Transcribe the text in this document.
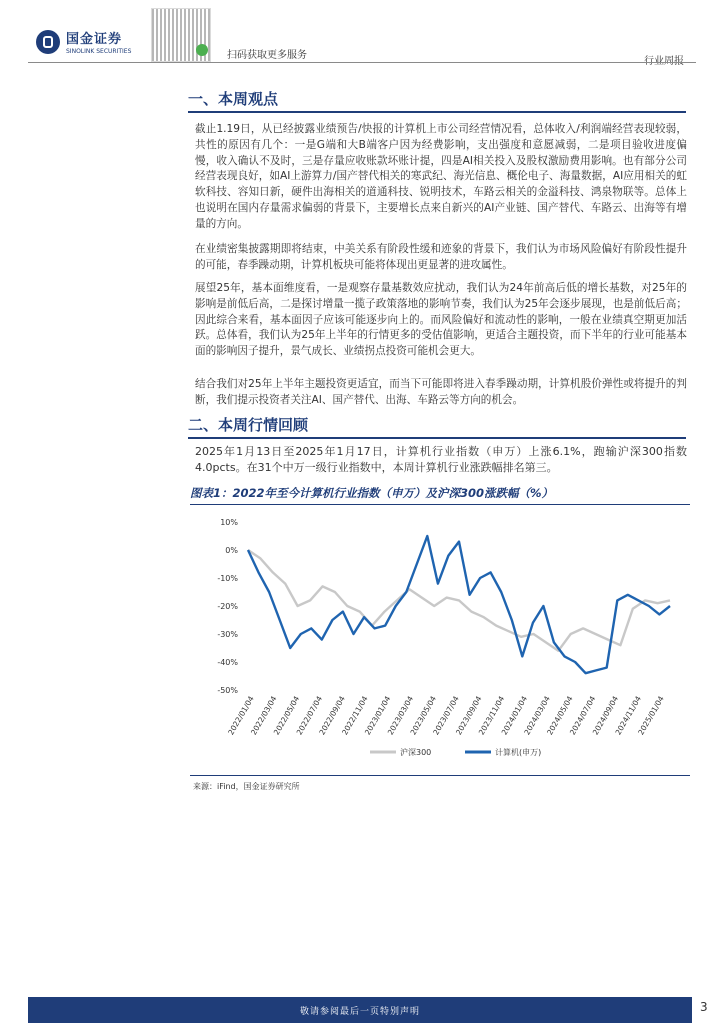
国金证券
SINOLINK SECURITIES	扫码获取更多服务
一、本周观点

截止1.19日，从已经披露业绩预告/快报的计算机上市公司经营情况看，总体收入/利润端经营表现较弱，共性的原因有几个：一是G端和大B端客户因为经费影响，支出强度和意愿减弱，二是项目验收进度偏慢，收入确认不及时，三是存量应收账款坏账计提，四是AI相关投入及股权激励费用影响。也有部分公司经营表现良好，如AI上游算力/国产替代相关的寒武纪、海光信息、概伦电子、海量数据，AI应用相关的虹软科技、容知日新，硬件出海相关的道通科技、锐明技术，车路云相关的金溢科技、鸿泉物联等。总体上也说明在国内存量需求偏弱的背景下，主要增长点来自新兴的AI产业链、国产替代、车路云、出海等有增量的方向。

在业绩密集披露期即将结束，中美关系有阶段性缓和迹象的背景下，我们认为市场风险偏好有阶段性提升的可能，春季躁动期，计算机板块可能将体现出更显著的进攻属性。

展望25年，基本面维度看，一是观察存量基数效应扰动，我们认为24年前高后低的增长基数，对25年的影响是前低后高，二是探讨增量一揽子政策落地的影响节奏，我们认为25年会逐步展现，也是前低后高；因此综合来看，基本面因子应该可能逐步向上的。而风险偏好和流动性的影响，一般在业绩真空期更加活跃。总体看，我们认为25年上半年的行情更多的受估值影响，更适合主题投资，而下半年的行业可能基本面的影响因子提升，景气成长、业绩拐点投资可能机会更大。

结合我们对25年上半年主题投资更适宜，而当下可能即将进入春季躁动期，计算机股价弹性或将提升的判断，我们提示投资者关注AI、国产替代、出海、车路云等方向的机会。

二、本周行情回顾

2025年1月13日至2025年1月17日，计算机行业指数（申万）上涨6.1%，跑输沪深300指数4.0pcts。在31个中万一级行业指数中，本周计算机行业涨跌幅排名第三。

图表1：2022年至今计算机行业指数（申万）及沪深300涨跌幅（%）
10%
0%
-10%
-20%
-30%
-40%
-50%
2022/01/04
2022/03/04
2022/05/04
2022/07/04
2022/09/04
2022/11/04
2023/01/04
2023/03/04
2023/05/04
2023/07/04
2023/09/04
2023/11/04
2024/01/04
2024/03/04
2024/05/04
2024/07/04
2024/09/04
2024/11/04
2025/01/04
沪深300	计算机(申万)
来源：iFind，国金证券研究所
敬请参阅最后一页特别声明	3
